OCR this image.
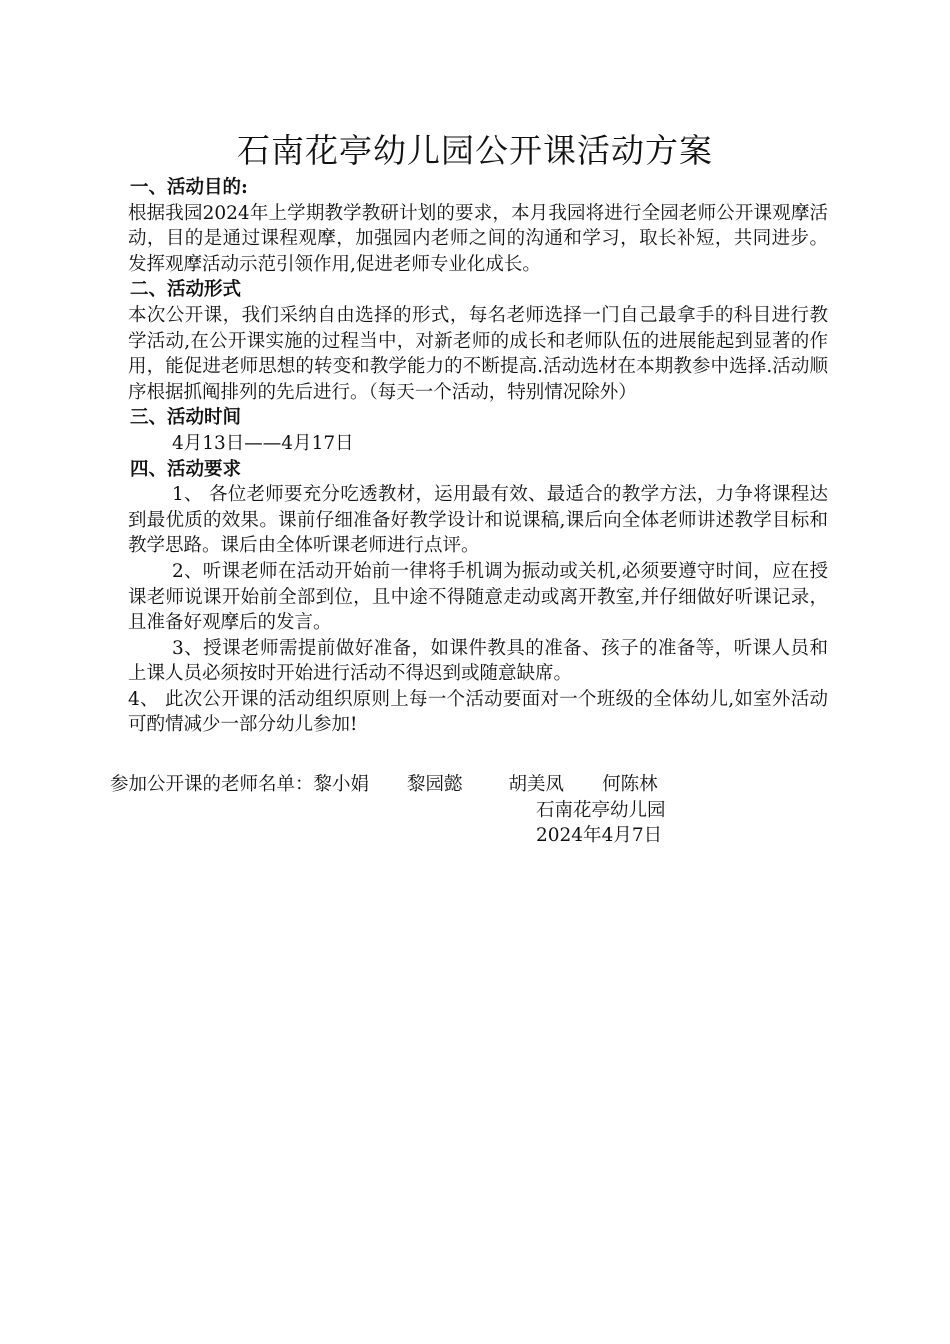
石南花亭幼儿园公开课活动方案
一、活动目的:

根据我园2024年上学期教学教研计划的要求，本月我园将进行全园老师公开课观摩活动，目的是通过课程观摩，加强园内老师之间的沟通和学习，取长补短，共同进步。发挥观摩活动示范引领作用,促进老师专业化成长。

二、活动形式

本次公开课，我们采纳自由选择的形式，每名老师选择一门自己最拿手的科目进行教学活动,在公开课实施的过程当中，对新老师的成长和老师队伍的进展能起到显著的作用，能促进老师思想的转变和教学能力的不断提高.活动选材在本期教参中选择.活动顺序根据抓阄排列的先后进行。（每天一个活动，特别情况除外）

三、活动时间

4月13日——4月17日

四、活动要求

1、 各位老师要充分吃透教材，运用最有效、最适合的教学方法，力争将课程达到最优质的效果。课前仔细准备好教学设计和说课稿,课后向全体老师讲述教学目标和教学思路。课后由全体听课老师进行点评。

2、听课老师在活动开始前一律将手机调为振动或关机,必须要遵守时间，应在授课老师说课开始前全部到位，且中途不得随意走动或离开教室,并仔细做好听课记录，且准备好观摩后的发言。

3、授课老师需提前做好准备，如课件教具的准备、孩子的准备等，听课人员和上课人员必须按时开始进行活动不得迟到或随意缺席。

4、 此次公开课的活动组织原则上每一个活动要面对一个班级的全体幼儿,如室外活动可酌情减少一部分幼儿参加!

参加公开课的老师名单：黎小娟 黎园懿 胡美凤 何陈林
石南花亭幼儿园
2024年4月7日
